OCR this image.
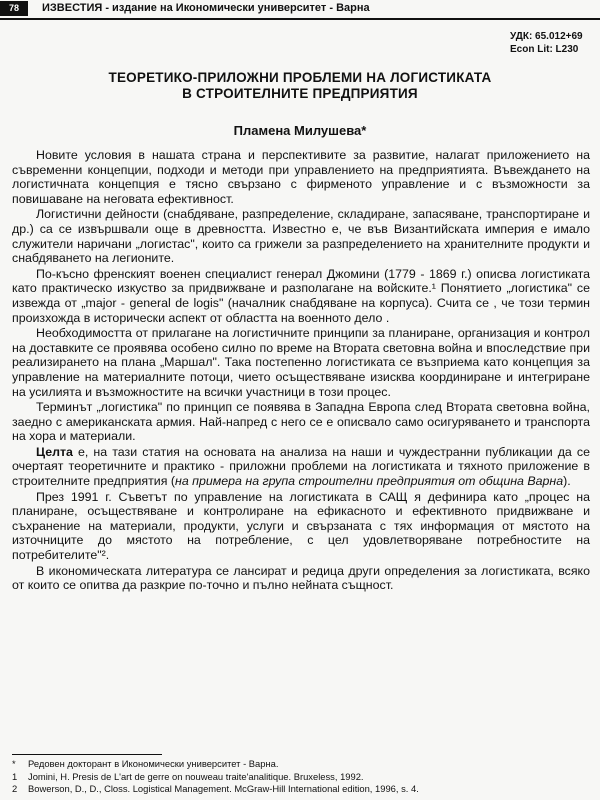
78	ИЗВЕСТИЯ - издание на Икономически университет - Варна
УДК: 65.012+69
Econ Lit: L230
ТЕОРЕТИКО-ПРИЛОЖНИ ПРОБЛЕМИ НА ЛОГИСТИКАТА
В СТРОИТЕЛНИТЕ ПРЕДПРИЯТИЯ
Пламена Милушева*

Новите условия в нашата страна и перспективите за развитие, налагат приложението на съвременни концепции, подходи и методи при управлението на предприятията. Въвеждането на логистичната концепция е тясно свързано с фирменото управление и с възможности за повишаване на неговата ефективност.

Логистични дейности (снабдяване, разпределение, складиране, запасяване, транспортиране и др.) са се извършвали още в древността. Известно е, че във Византийската империя е имало служители наричани „логистас", които са грижели за разпределението на хранителните продукти и снабдяването на легионите.

По-късно френският военен специалист генерал Джомини (1779 - 1869 г.) описва логистиката като практическо изкуство за придвижване и разполагане на войските.¹ Понятието „логистика" се извежда от „major - general de logis" (началник снабдяване на корпуса). Счита се , че този термин произхожда в исторически аспект от областта на военното дело .

Необходимостта от прилагане на логистичните принципи за планиране, организация и контрол на доставките се проявява особено силно по време на Втората световна война и впоследствие при реализирането на плана „Маршал". Така постепенно логистиката се възприема като концепция за управление на материалните потоци, чието осъществяване изисква координиране и интегриране на усилията и възможностите на всички участници в този процес.

Терминът „логистика" по принцип се появява в Западна Европа след Втората световна война, заедно с американската армия. Най-напред с него се е описвало само осигуряването и транспорта на хора и материали.

Целта е, на тази статия на основата на анализа на наши и чуждестранни публикации да се очертаят теоретичните и практико - приложни проблеми на логистиката и тяхното приложение в строителните предприятия (на примера на група строителни предприятия от община Варна).

През 1991 г. Съветът по управление на логистиката в САЩ я дефинира като „процес на планиране, осъществяване и контролиране на ефикасното и ефективното придвижване и съхранение на материали, продукти, услуги и свързаната с тях информация от мястото на източниците до мястото на потребление, с цел удовлетворяване потребностите на потребителите"².

В икономическата литература се лансират и редица други определения за логистиката, всяко от които се опитва да разкрие по-точно и пълно нейната същност.

* Редовен докторант в Икономически университет - Варна.
1 Jomini, H. Presis de L'art de gerre on nouweau traite'analitique. Bruxeless, 1992.
2 Bowerson, D., D., Closs. Logistical Management. McGraw-Hill International edition, 1996, s. 4.
